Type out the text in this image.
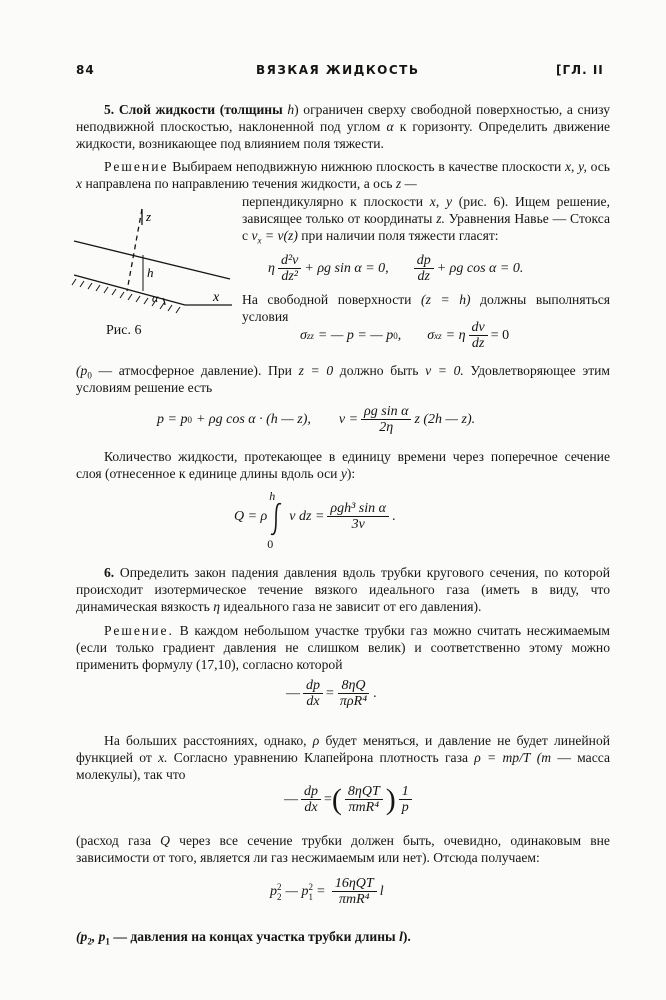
84	ВЯЗКАЯ ЖИДКОСТЬ	[ГЛ. II

5. Слой жидкости (толщины h) ограничен сверху свободной поверхностью, а снизу неподвижной плоскостью, наклоненной под углом α к горизонту. Определить движение жидкости, возникающее под влиянием поля тяжести.

Решение Выбираем неподвижную нижнюю плоскость в качестве плоскости x, y, ось x направлена по направлению течения жидкости, а ось z —

перпендикулярно к плоскости x, y (рис. 6). Ищем решение, зависящее только от координаты z. Уравнения Навье — Стокса с $v_x = v(z)$ при наличии поля тяжести гласят:
z
h
α	x
Рис. 6
η
d²v
dz²
+ ρg sin α = 0,
dp
dz
+ ρg cos α = 0.
На свободной поверхности (z = h) должны выполняться условия
σ zz = — p = — p 0 , σ xz = η $\frac{dv}{dz} = 0$

($p_0$ — атмосферное давление). При z = 0 должно быть v = 0. Удовлетворяющее этим условиям решение есть

p = p 0 + ρg cos α · (h — z), $v = \frac{\text{ρg sin α}}{2\eta}$ z (2h — z).

Количество жидкости, протекающее в единицу времени через поперечное сечение слоя (отнесенное к единице длины вдоль оси y):

Q = ρ
h
0
v dz =
ρgh³ sin α
3ν
.

6. Определить закон падения давления вдоль трубки кругового сечения, по которой происходит изотермическое течение вязкого идеального газа (иметь в виду, что динамическая вязкость η идеального газа не зависит от его давления).

Решение. В каждом небольшом участке трубки газ можно считать несжимаемым (если только градиент давления не слишком велик) и соответственно этому можно применить формулу (17,10), согласно которой

— $\frac{dp}{dx}$ =
8ηQ
πρR⁴
.

На больших расстояниях, однако, ρ будет меняться, и давление не будет линейной функцией от x. Согласно уравнению Клапейрона плотность газа ρ = mp/T (m — масса молекулы), так что

— $\frac{dp}{dx}$ = ( 8ηQT
πmR⁴ ) 1
p

(расход газа Q через все сечение трубки должен быть, очевидно, одинаковым вне зависимости от того, является ли газ несжимаемым или нет). Отсюда получаем:

p 2
2 — p 2
1 =
16ηQT
πmR⁴
l

($p_2$, $p_1$ — давления на концах участка трубки длины l).
